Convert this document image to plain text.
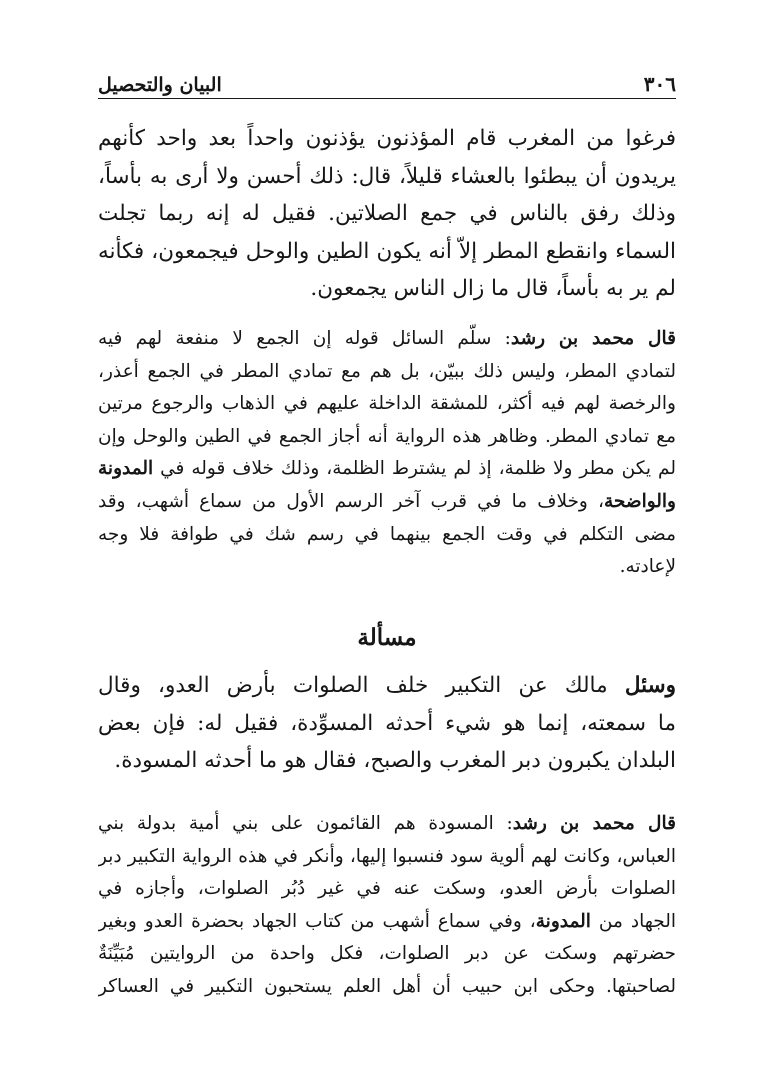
٣٠٦
البيان والتحصيل
فرغوا من المغرب قام المؤذنون يؤذنون واحداً بعد واحد كأنهم
يريدون أن يبطئوا بالعشاء قليلاً، قال: ذلك أحسن ولا أرى به بأساً،
وذلك رفق بالناس في جمع الصلاتين. فقيل له إنه ربما تجلت
السماء وانقطع المطر إلاّ أنه يكون الطين والوحل فيجمعون، فكأنه
لم ير به بأساً، قال ما زال الناس يجمعون.
قال محمد بن رشد: سلّم السائل قوله إن الجمع لا منفعة لهم فيه
لتمادي المطر، وليس ذلك ببيّن، بل هم مع تمادي المطر في الجمع أعذر،
والرخصة لهم فيه أكثر، للمشقة الداخلة عليهم في الذهاب والرجوع مرتين
مع تمادي المطر. وظاهر هذه الرواية أنه أجاز الجمع في الطين والوحل وإن
لم يكن مطر ولا ظلمة، إذ لم يشترط الظلمة، وذلك خلاف قوله في المدونة
والواضحة، وخلاف ما في قرب آخر الرسم الأول من سماع أشهب، وقد
مضى التكلم في وقت الجمع بينهما في رسم شك في طوافة فلا وجه
لإعادته.
مسألة
وسئل مالك عن التكبير خلف الصلوات بأرض العدو، وقال
ما سمعته، إنما هو شيء أحدثه المسوِّدة، فقيل له: فإن بعض
البلدان يكبرون دبر المغرب والصبح، فقال هو ما أحدثه المسودة.
قال محمد بن رشد: المسودة هم القائمون على بني أمية بدولة بني
العباس، وكانت لهم ألوية سود فنسبوا إليها، وأنكر في هذه الرواية التكبير دبر
الصلوات بأرض العدو، وسكت عنه في غير دُبُر الصلوات، وأجازه في
الجهاد من المدونة، وفي سماع أشهب من كتاب الجهاد بحضرة العدو وبغير
حضرتهم وسكت عن دبر الصلوات، فكل واحدة من الروايتين مُبَيِّنَةٌ
لصاحبتها. وحكى ابن حبيب أن أهل العلم يستحبون التكبير في العساكر
